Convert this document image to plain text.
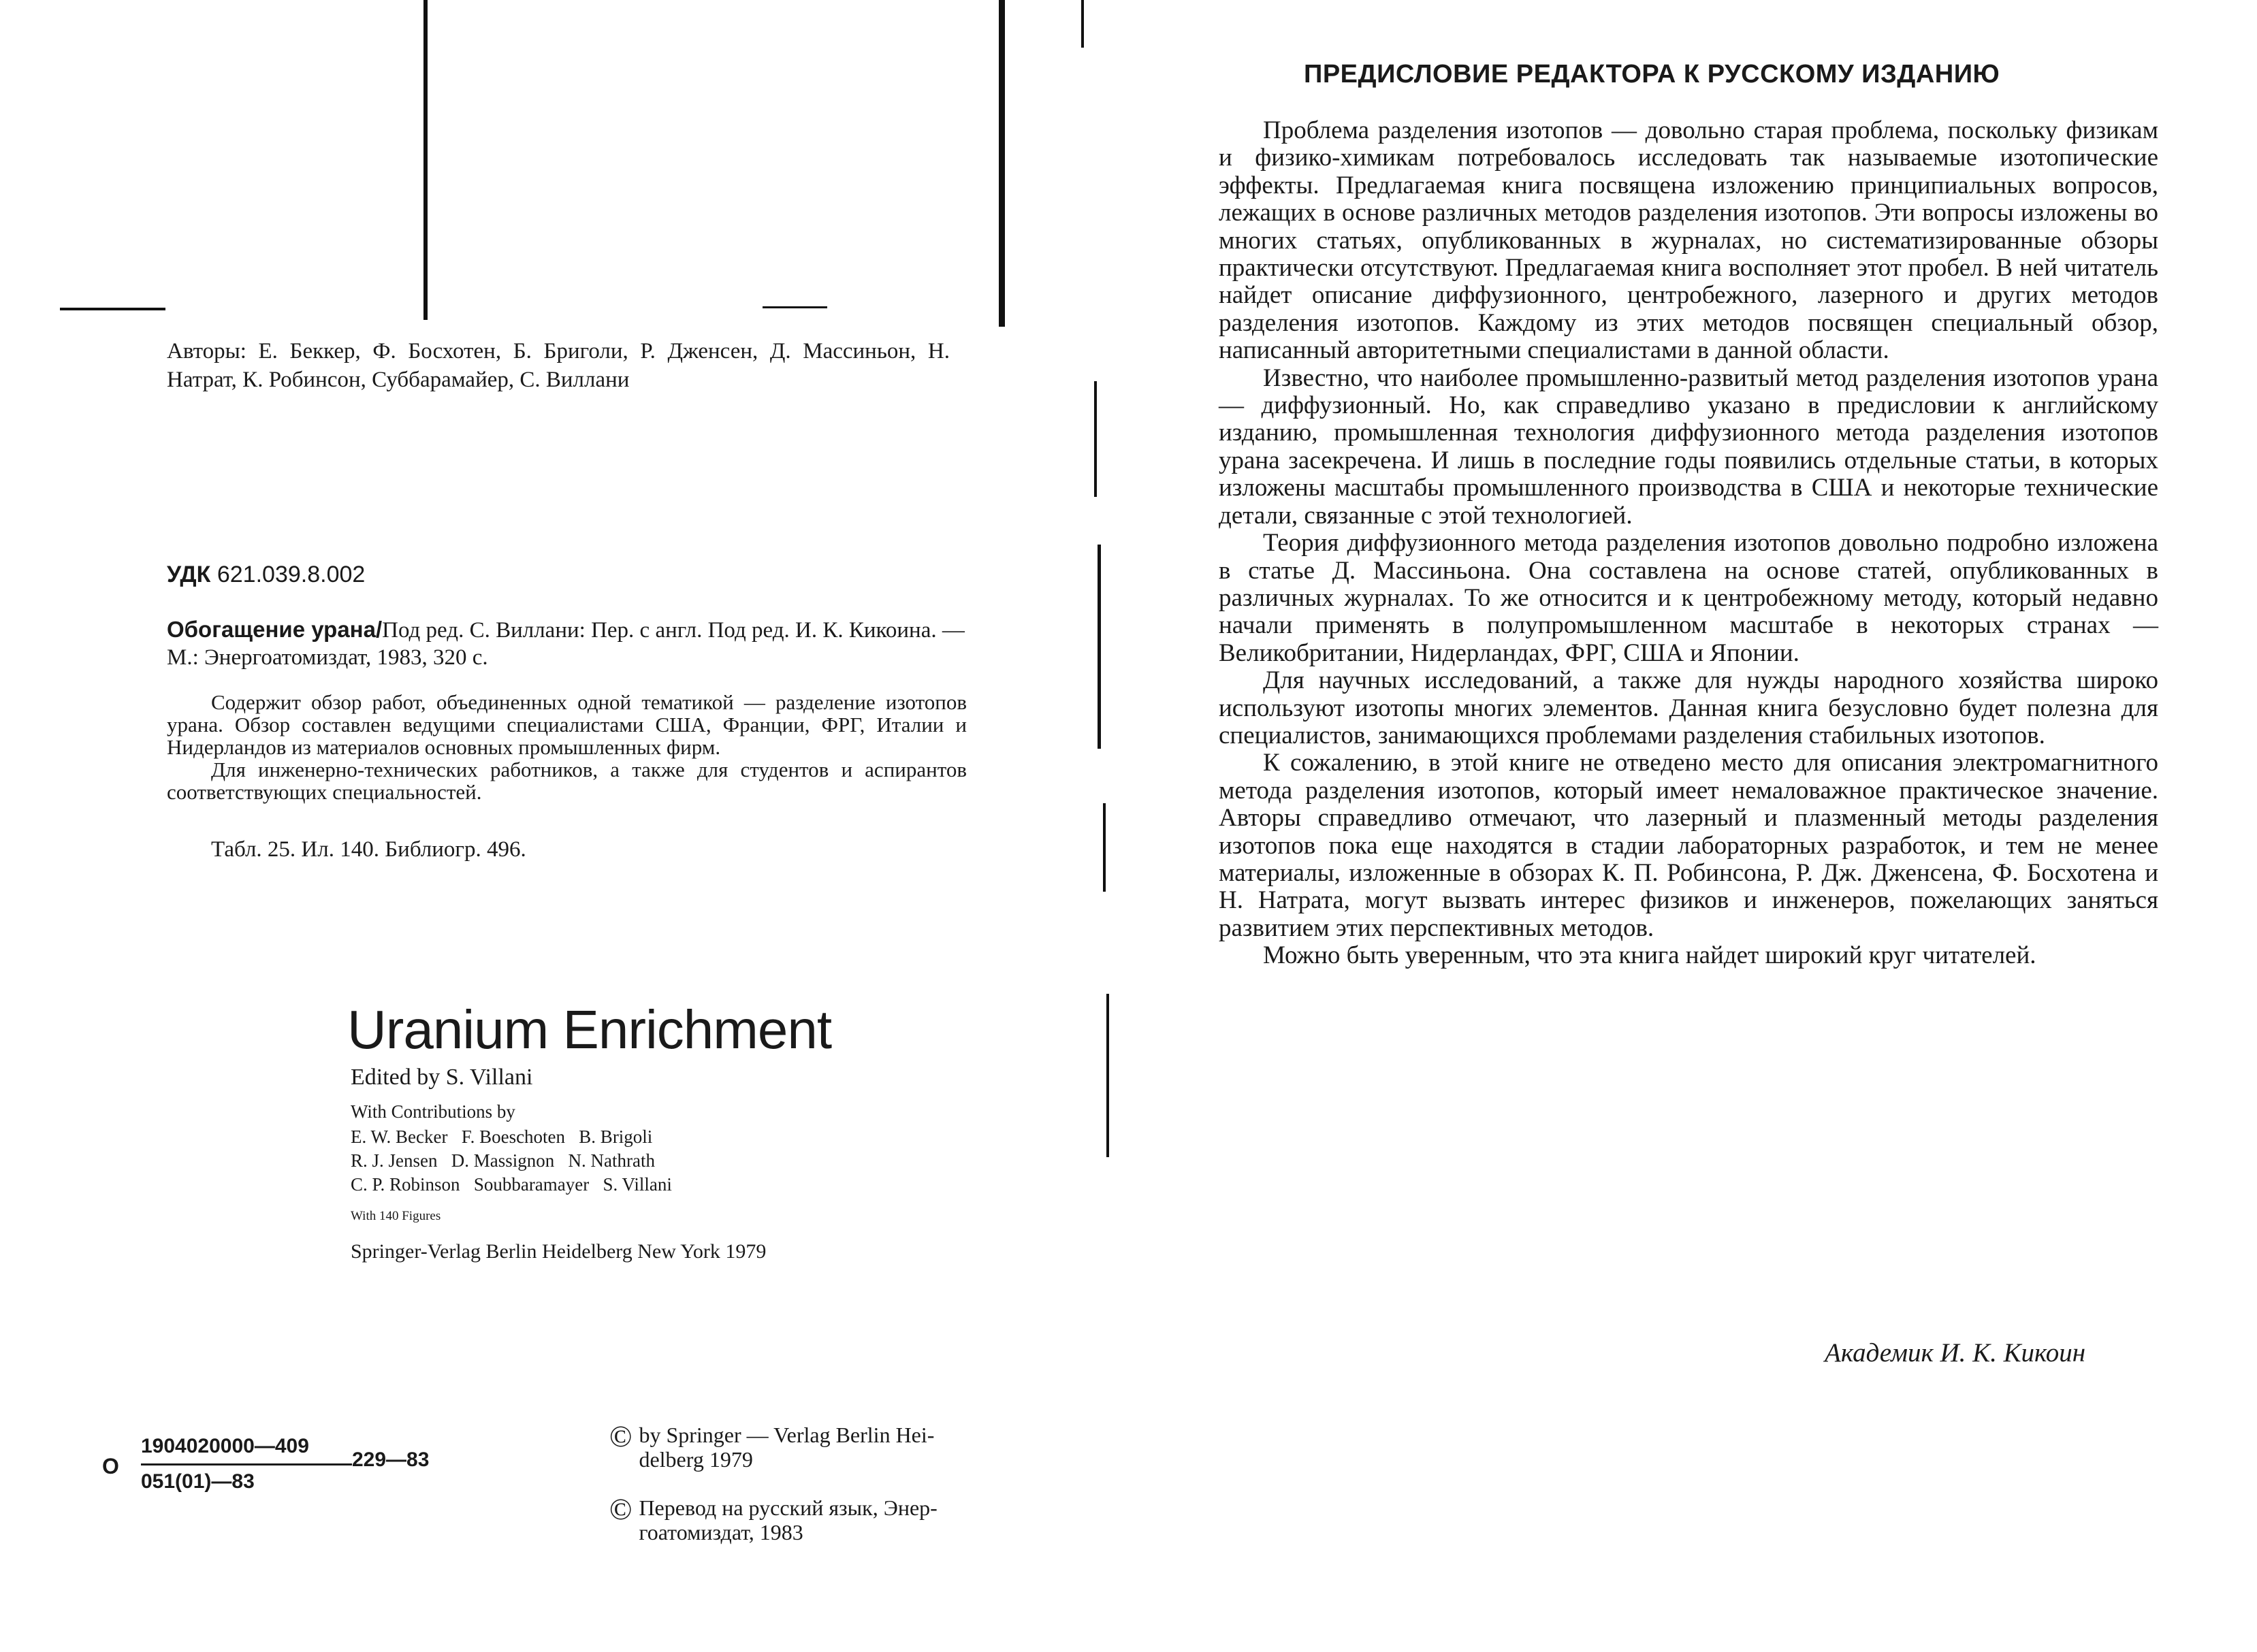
Авторы: Е. Беккер, Ф. Босхотен, Б. Бриголи, Р. Дженсен, Д. Массиньон, Н. Натрат, К. Робинсон, Суббарамайер, С. Виллани
УДК 621.039.8.002
Обогащение урана/Под ред. С. Виллани: Пер. с англ. Под ред. И. К. Кикоина. — М.: Энергоатомиздат, 1983, 320 с.

Содержит обзор работ, объединенных одной тематикой — разделение изотопов урана. Обзор составлен ведущими специалистами США, Франции, ФРГ, Италии и Нидерландов из материалов основных промышленных фирм.

Для инженерно-технических работников, а также для студентов и аспирантов соответствующих специальностей.

Табл. 25. Ил. 140. Библиогр. 496.
Uranium Enrichment
Edited by S. Villani
With Contributions by
E. W. Becker F. Boeschoten B. Brigoli
R. J. Jensen D. Massignon N. Nathrath
C. P. Robinson Soubbaramayer S. Villani
With 140 Figures
Springer-Verlag Berlin Heidelberg New York 1979
О
1904020000—409
229—83
051(01)—83
© by Springer — Verlag Berlin Hei-
delberg 1979
© Перевод на русский язык, Энер-
гоатомиздат, 1983
ПРЕДИСЛОВИЕ РЕДАКТОРА К РУССКОМУ ИЗДАНИЮ

Проблема разделения изотопов — довольно старая проблема, поскольку физикам и физико-химикам потребовалось исследовать так называемые изотопические эффекты. Предлагаемая книга посвящена изложению принципиальных вопросов, лежащих в основе различных методов разделения изотопов. Эти вопросы изложены во многих статьях, опубликованных в журналах, но систематизированные обзоры практически отсутствуют. Предлагаемая книга восполняет этот пробел. В ней читатель найдет описание диффузионного, центробежного, лазерного и других методов разделения изотопов. Каждому из этих методов посвящен специальный обзор, написанный авторитетными специалистами в данной области.

Известно, что наиболее промышленно-развитый метод разделения изотопов урана — диффузионный. Но, как справедливо указано в предисловии к английскому изданию, промышленная технология диффузионного метода разделения изотопов урана засекречена. И лишь в последние годы появились отдельные статьи, в которых изложены масштабы промышленного производства в США и некоторые технические детали, связанные с этой технологией.

Теория диффузионного метода разделения изотопов довольно подробно изложена в статье Д. Массиньона. Она составлена на основе статей, опубликованных в различных журналах. То же относится и к центробежному методу, который недавно начали применять в полупромышленном масштабе в некоторых странах — Великобритании, Нидерландах, ФРГ, США и Японии.

Для научных исследований, а также для нужды народного хозяйства широко используют изотопы многих элементов. Данная книга безусловно будет полезна для специалистов, занимающихся проблемами разделения стабильных изотопов.

К сожалению, в этой книге не отведено место для описания электромагнитного метода разделения изотопов, который имеет немаловажное практическое значение. Авторы справедливо отмечают, что лазерный и плазменный методы разделения изотопов пока еще находятся в стадии лабораторных разработок, и тем не менее материалы, изложенные в обзорах К. П. Робинсона, Р. Дж. Дженсена, Ф. Босхотена и Н. Натрата, могут вызвать интерес физиков и инженеров, пожелающих заняться развитием этих перспективных методов.

Можно быть уверенным, что эта книга найдет широкий круг читателей.

Академик И. К. Кикоин
